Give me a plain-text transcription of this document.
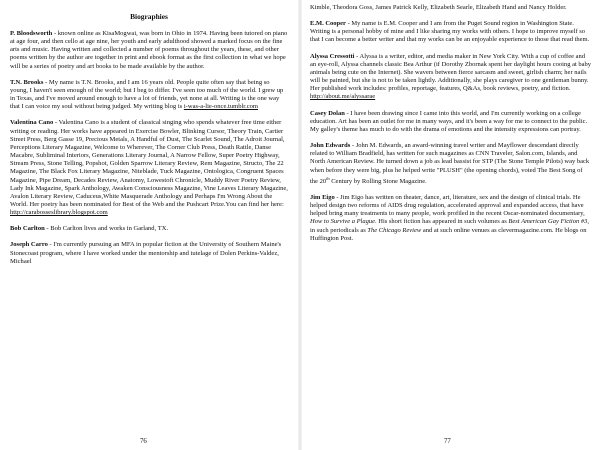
Biographies

P. Bloodsworth - known online as KisaMogwai, was born in Ohio in 1974. Having been tutored on piano at age four, and then cello at age nine, her youth and early adulthood showed a marked focus on the fine arts and music. Having written and collected a number of poems throughout the years, these, and other poems written by the author are together in print and ebook format as the first collection in what we hope will be a series of poetry and art books to be made available by the author.

T.N. Brooks - My name is T.N. Brooks, and I am 16 years old. People quite often say that being so young, I haven't seen enough of the world; but I beg to differ. I've seen too much of the world. I grew up in Texas, and I've moved around enough to have a lot of friends, yet none at all. Writing is the one way that I can voice my soul without being judged. My writing blog is i-was-a-lie-once.tumblr.com

Valentina Cano - Valentina Cano is a student of classical singing who spends whatever free time either writing or reading. Her works have appeared in Exercise Bowler, Blinking Cursor, Theory Train, Cartier Street Press, Berg Gasse 19, Precious Metals, A Handful of Dust, The Scarlet Sound, The Adroit Journal, Perceptions Literary Magazine, Welcome to Wherever, The Corner Club Press, Death Rattle, Danse Macabre, Subliminal Interiors, Generations Literary Journal, A Narrow Fellow, Super Poetry Highway, Stream Press, Stone Telling, Popshot, Golden Sparrow Literary Review, Rem Magazine, Structo, The 22 Magazine, The Black Fox Literary Magazine, Niteblade, Tuck Magazine, Ontologica, Congruent Spaces Magazine, Pipe Dream, Decades Review, Anatomy, Lowestoft Chronicle, Muddy River Poetry Review, Lady Ink Magazine, Spark Anthology, Awaken Consciousness Magazine, Vine Leaves Literary Magazine, Avalon Literary Review, Caduceus,White Masquerade Anthology and Perhaps I'm Wrong About the World. Her poetry has been nominated for Best of the Web and the Pushcart Prize.You can find her here: http://carabosseslibrary.blogspot.com

Bob Carlton - Bob Carlton lives and works in Garland, TX.

Joseph Carro - I'm currently pursuing an MFA in popular fiction at the University of Southern Maine's Stonecoast program, where I have worked under the mentorship and tutelage of Dolen Perkins-Valdez, Michael

76

Kimble, Theodora Goss, James Patrick Kelly, Elizabeth Searle, Elizabeth Hand and Nancy Holder.

E.M. Cooper - My name is E.M. Cooper and I am from the Puget Sound region in Washington State. Writing is a personal hobby of mine and I like sharing my works with others. I hope to improve myself so that I can become a better writer and that my works can be an enjoyable experience to those that read them.

Alyssa Cressotti - Alyssa is a writer, editor, and media maker in New York City. With a cup of coffee and an eye-roll, Alyssa channels classic Bea Arthur (if Dorothy Zbornak spent her daylight hours cooing at baby animals being cute on the Internet). She wavers between fierce sarcasm and sweet, girlish charm; her nails will be painted, but she is not to be taken lightly. Additionally, she plays caregiver to one gentleman bunny. Her published work includes: profiles, reportage, features, Q&As, book reviews, poetry, and fiction. http://about.me/alyssarae

Casey Dolan - I have been drawing since I came into this world, and I'm currently working on a college education. Art has been an outlet for me in many ways, and it's been a way for me to connect to the public. My galley's theme has much to do with the drama of emotions and the intensity expressions can portray.

John Edwards - John M. Edwards, an award-winning travel writer and Mayflower descendant directly related to William Bradfield, has written for such magazines as CNN Traveler, Salon.com, Islands, and North American Review. He turned down a job as lead bassist for STP (The Stone Temple Pilots) way back when before they were big, plus he helped write "PLUSH" (the opening chords), voted The Best Song of the 20th Century by Rolling Stone Magazine.

Jim Eigo - Jim Eigo has written on theater, dance, art, literature, sex and the design of clinical trials. He helped design two reforms of AIDS drug regulation, accelerated approval and expanded access, that have helped bring many treatments to many people, work profiled in the recent Oscar-nominated documentary, How to Survive a Plague. His short fiction has appeared in such volumes as Best American Gay Fiction #3, in such periodicals as The Chicago Review and at such online venues as clevermagazine.com. He blogs on Huffington Post.

77
